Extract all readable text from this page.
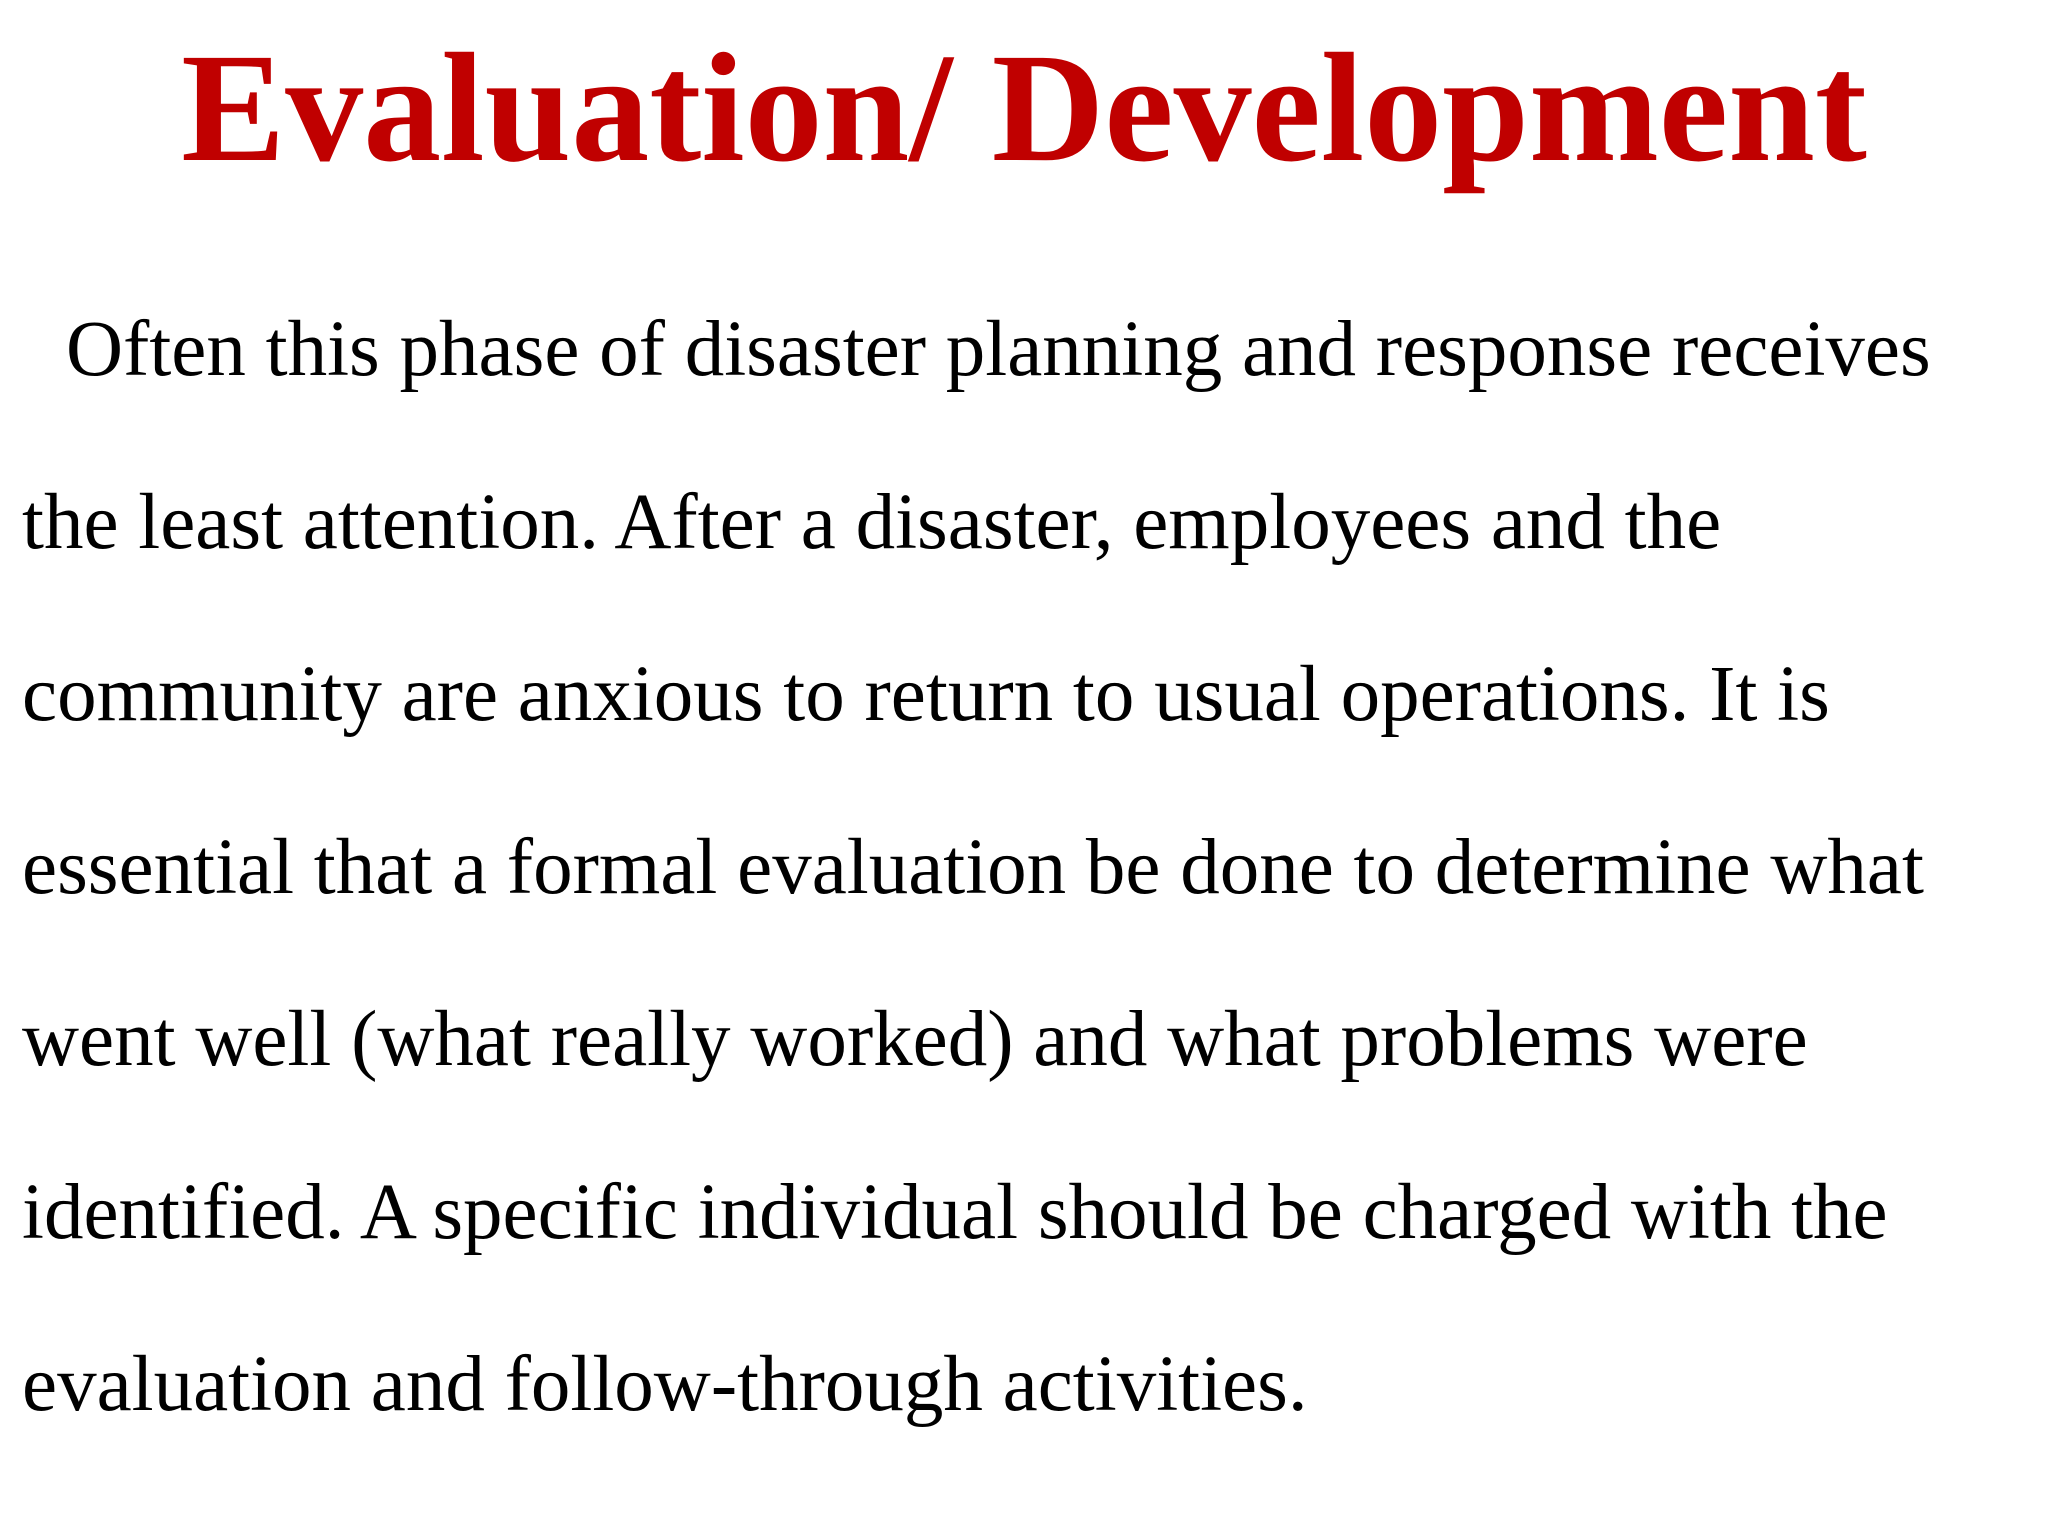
Evaluation/ Development
Often this phase of disaster planning and response receives
the least attention. After a disaster, employees and the
community are anxious to return to usual operations. It is
essential that a formal evaluation be done to determine what
went well (what really worked) and what problems were
identified. A specific individual should be charged with the
evaluation and follow-through activities.
